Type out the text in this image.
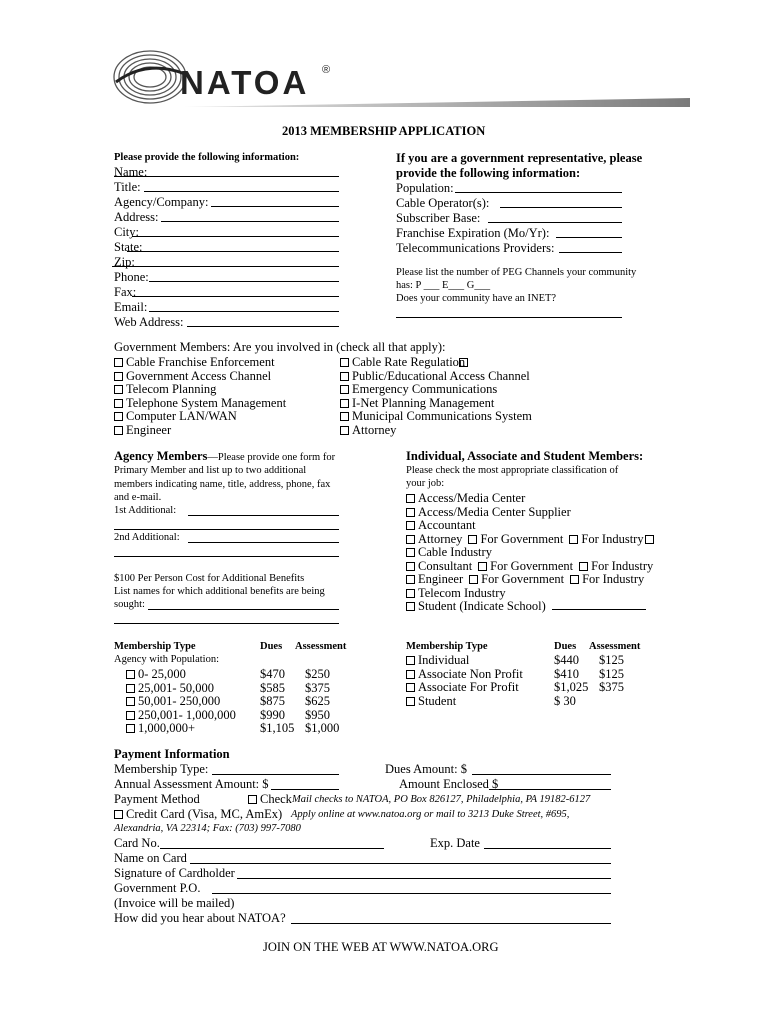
NATOA ®
2013 MEMBERSHIP APPLICATION
Please provide the following information:
Name:
Title:
Agency/Company:
Address:
City:
State:
Zip:
Phone:
Fax:
Email:
Web Address:
If you are a government representative, please
provide the following information:
Population:
Cable Operator(s):
Subscriber Base:
Franchise Expiration (Mo/Yr):
Telecommunications Providers:
Please list the number of PEG Channels your community
has: P ___ E___ G___
Does your community have an INET?
Government Members: Are you involved in (check all that apply):
Cable Franchise Enforcement
Government Access Channel
Telecom Planning
Telephone System Management
Computer LAN/WAN
Engineer
Cable Rate Regulation
Public/Educational Access Channel
Emergency Communications
I-Net Planning Management
Municipal Communications System
Attorney
Agency Members—Please provide one form for
Primary Member and list up to two additional
members indicating name, title, address, phone, fax
and e-mail.
1st Additional:
2nd Additional:
$100 Per Person Cost for Additional Benefits
List names for which additional benefits are being
sought:
Individual, Associate and Student Members:
Please check the most appropriate classification of
your job:
Access/Media Center
Access/Media Center Supplier
Accountant
Attorney For Government For Industry
Cable Industry
Consultant For Government For Industry
Engineer For Government For Industry
Telecom Industry
Student (Indicate School)
Membership Type	Dues Assessment
Agency with Population:
0- 25,000	$470 $250
25,001- 50,000	$585 $375
50,001- 250,000	$875 $625
250,001- 1,000,000 $990 $950
1,000,000+	$1,105 $1,000
Membership Type	Dues Assessment
Individual	$440 $125
Associate Non Profit $410 $125
Associate For Profit	$1,025 $375
Student	$ 30
Payment Information
Membership Type:	Dues Amount: $
Annual Assessment Amount: $	Amount Enclosed $
Payment Method	Check Mail checks to NATOA, PO Box 826127, Philadelphia, PA 19182-6127
Credit Card (Visa, MC, AmEx) Apply online at www.natoa.org or mail to 3213 Duke Street, #695,
Alexandria, VA 22314; Fax: (703) 997-7080
Card No.	Exp. Date
Name on Card
Signature of Cardholder
Government P.O.
(Invoice will be mailed)
How did you hear about NATOA?
JOIN ON THE WEB AT WWW.NATOA.ORG
